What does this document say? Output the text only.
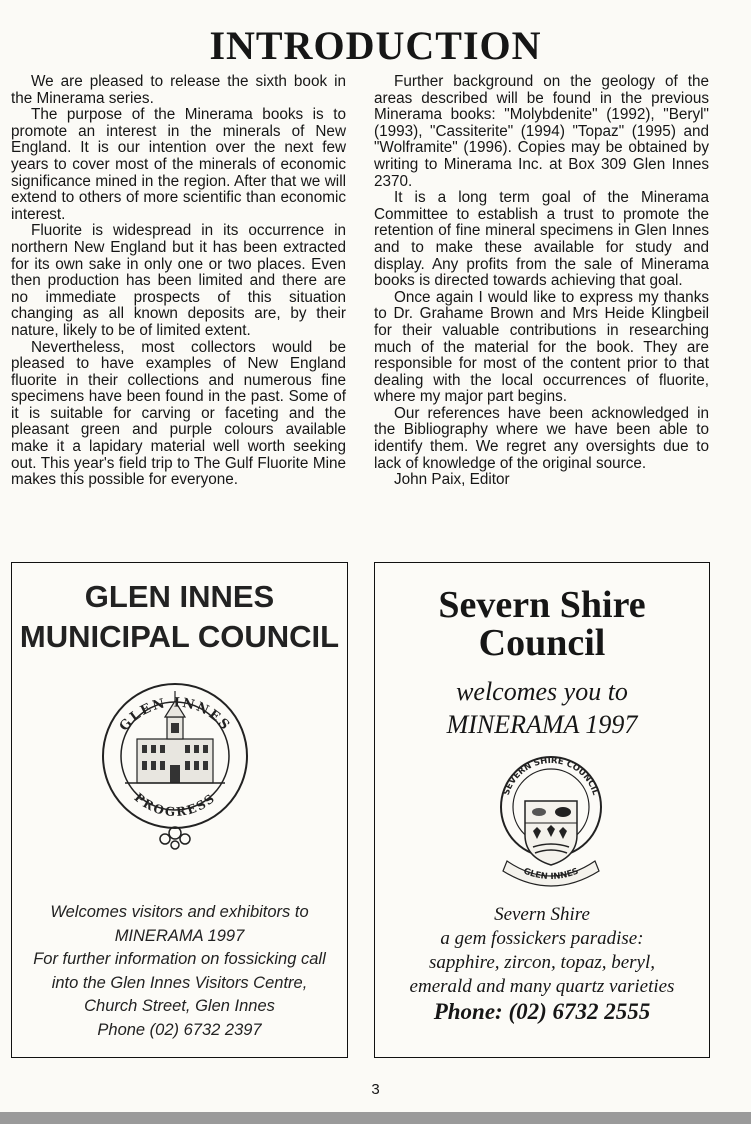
INTRODUCTION

We are pleased to release the sixth book in the Minerama series.

The purpose of the Minerama books is to promote an interest in the minerals of New England. It is our intention over the next few years to cover most of the minerals of economic significance mined in the region. After that we will extend to others of more scientific than economic interest.

Fluorite is widespread in its occurrence in northern New England but it has been extracted for its own sake in only one or two places. Even then production has been limited and there are no immediate prospects of this situation changing as all known deposits are, by their nature, likely to be of limited extent.

Nevertheless, most collectors would be pleased to have examples of New England fluorite in their collections and numerous fine specimens have been found in the past. Some of it is suitable for carving or faceting and the pleasant green and purple colours available make it a lapidary material well worth seeking out. This year's field trip to The Gulf Fluorite Mine makes this possible for everyone.

Further background on the geology of the areas described will be found in the previous Minerama books: "Molybdenite" (1992), "Beryl" (1993), "Cassiterite" (1994) "Topaz" (1995) and "Wolframite" (1996). Copies may be obtained by writing to Minerama Inc. at Box 309 Glen Innes 2370.

It is a long term goal of the Minerama Committee to establish a trust to promote the retention of fine mineral specimens in Glen Innes and to make these available for study and display. Any profits from the sale of Minerama books is directed towards achieving that goal.

Once again I would like to express my thanks to Dr. Grahame Brown and Mrs Heide Klingbeil for their valuable contributions in researching much of the material for the book. They are responsible for most of the content prior to that dealing with the local occurrences of fluorite, where my major part begins.

Our references have been acknowledged in the Bibliography where we have been able to identify them. We regret any oversights due to lack of knowledge of the original source.

John Paix, Editor

GLEN INNES
MUNICIPAL COUNCIL
GLEN INNES
PROGRESS
Welcomes visitors and exhibitors to
MINERAMA 1997
For further information on fossicking call
into the Glen Innes Visitors Centre,
Church Street, Glen Innes
Phone (02) 6732 2397
Severn Shire
Council
welcomes you to
MINERAMA 1997
SEVERN SHIRE COUNCIL
GLEN INNES
Severn Shire
a gem fossickers paradise:
sapphire, zircon, topaz, beryl,
emerald and many quartz varieties
Phone: (02) 6732 2555
3
